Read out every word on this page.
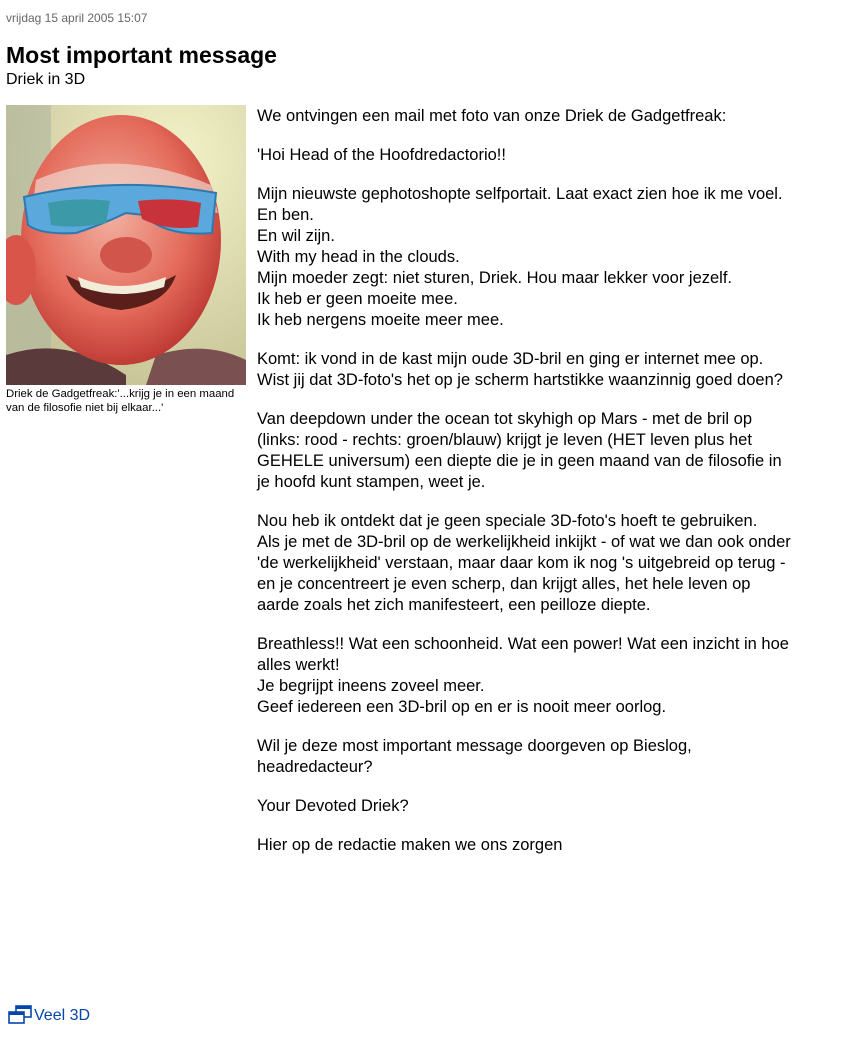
vrijdag 15 april 2005 15:07
Most important message
Driek in 3D
Driek de Gadgetfreak:'...krijg je in een maand van de filosofie niet bij elkaar...'

We ontvingen een mail met foto van onze Driek de Gadgetfreak:

'Hoi Head of the Hoofdredactorio!!

Mijn nieuwste gephotoshopte selfportait. Laat exact zien hoe ik me voel.
En ben.
En wil zijn.
With my head in the clouds.
Mijn moeder zegt: niet sturen, Driek. Hou maar lekker voor jezelf.
Ik heb er geen moeite mee.
Ik heb nergens moeite meer mee.

Komt: ik vond in de kast mijn oude 3D-bril en ging er internet mee op.
Wist jij dat 3D-foto's het op je scherm hartstikke waanzinnig goed doen?

Van deepdown under the ocean tot skyhigh op Mars - met de bril op (links: rood - rechts: groen/blauw) krijgt je leven (HET leven plus het GEHELE universum) een diepte die je in geen maand van de filosofie in je hoofd kunt stampen, weet je.

Nou heb ik ontdekt dat je geen speciale 3D-foto's hoeft te gebruiken.
Als je met de 3D-bril op de werkelijkheid inkijkt - of wat we dan ook onder 'de werkelijkheid' verstaan, maar daar kom ik nog 's uitgebreid op terug - en je concentreert je even scherp, dan krijgt alles, het hele leven op aarde zoals het zich manifesteert, een peilloze diepte.

Breathless!! Wat een schoonheid. Wat een power! Wat een inzicht in hoe alles werkt!
Je begrijpt ineens zoveel meer.
Geef iedereen een 3D-bril op en er is nooit meer oorlog.

Wil je deze most important message doorgeven op Bieslog, headredacteur?

Your Devoted Driek?

Hier op de redactie maken we ons zorgen

Veel 3D
